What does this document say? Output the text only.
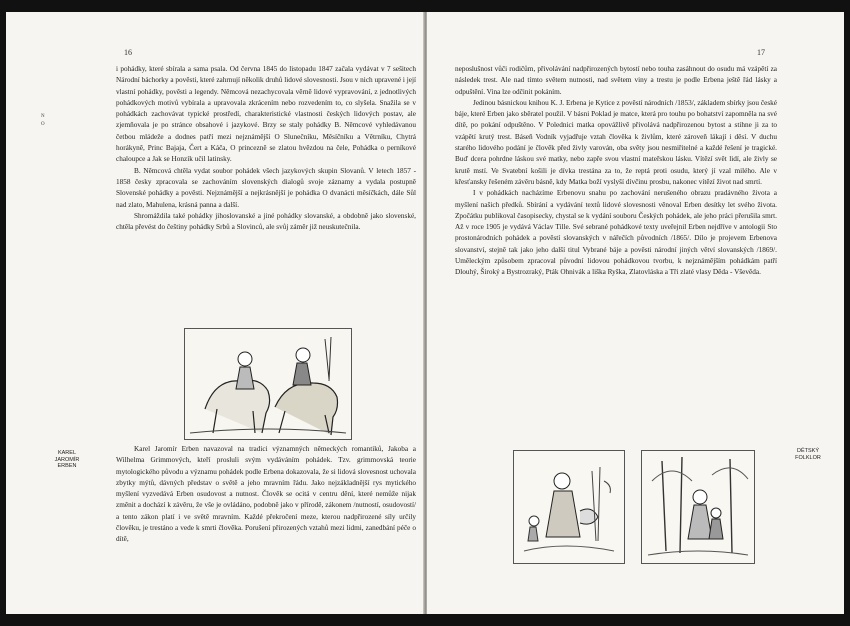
16
N
O

i pohádky, které sbírala a sama psala. Od června 1845 do listopadu 1847 začala vydávat v 7 sešitech Národní báchorky a pověsti, které zahrnují několik druhů lidové slovesnosti. Jsou v nich upravené i její vlastní pohádky, pověsti a legendy. Němcová nezachycovala věrně lidové vypravování, z jednotlivých pohádkových motivů vybírala a upravovala zkrácením nebo rozvedením to, co slyšela. Snažila se v pohádkách zachovávat typické prostředí, charakteristické vlastnosti českých lidových postav, ale zjemňovala je po stránce obsahové i jazykové. Brzy se staly pohádky B. Němcové vyhledávanou četbou mládeže a dodnes patří mezi nejznámější O Slunečníku, Měsíčníku a Větrníku, Chytrá horákyně, Princ Bajaja, Čert a Káča, O princezně se zlatou hvězdou na čele, Pohádka o perníkové chaloupce a Jak se Honzík učil latinsky.

B. Němcová chtěla vydat soubor pohádek všech jazykových skupin Slovanů. V letech 1857 - 1858 česky zpracovala se zachováním slovenských dialogů svoje záznamy a vydala postupně Slovenské pohádky a pověsti. Nejznámější a nejkrásnější je pohádka O dvanácti měsíčkách, dále Sůl nad zlato, Mahulena, krásná panna a další.

Shromáždila také pohádky jihoslovanské a jiné pohádky slovanské, a obdobně jako slovenské, chtěla převést do češtiny pohádky Srbů a Slovinců, ale svůj záměr již neuskutečnila.

KAREL
JAROMÍR
ERBEN

Karel Jaromír Erben navazoval na tradici významných německých romantiků, Jakoba a Wilhelma Grimmových, kteří prosluli svým vydáváním pohádek. Tzv. grimmovská teorie mytologického původu a významu pohádek podle Erbena dokazovala, že si lidová slovesnost uchovala zbytky mýtů, dávných představ o světě a jeho mravním řádu. Jako nejzákladnější rys mytického myšlení vyzvedává Erben osudovost a nutnost. Člověk se ocitá v centru dění, které nemůže nijak změnit a dochází k závěru, že vše je ovládáno, podobně jako v přírodě, zákonem /nutností, osudovostí/ a tento zákon platí i ve světě mravním. Každé překročení meze, kterou nadpřirozené síly určily člověku, je trestáno a vede k smrti člověka. Porušení přirozených vztahů mezi lidmi, zanedbání péče o dítě,

17

neposlušnost vůči rodičům, přivolávání nadpřirozených bytostí nebo touha zasáhnout do osudu má vzápětí za následek trest. Ale nad tímto světem nutnosti, nad světem viny a trestu je podle Erbena ještě řád lásky a odpuštění. Vina lze odčinit pokáním.

Jedinou básnickou knihou K. J. Erbena je Kytice z pověstí národních /1853/, základem sbírky jsou české báje, které Erben jako sběratel použil. V básni Poklad je matce, která pro touhu po bohatství zapomněla na své dítě, po pokání odpuštěno. V Polednici matka opovážlivě přivolává nadpřirozenou bytost a stihne ji za to vzápětí krutý trest. Báseň Vodník vyjadřuje vztah člověka k živlům, které zároveň lákají i děsí. V duchu starého lidového podání je člověk před živly varován, oba světy jsou nesmiřitelné a každé řešení je tragické. Buď dcera pohrdne láskou své matky, nebo zapře svou vlastní mateřskou lásku. Vítězí svět lidí, ale živly se krutě mstí. Ve Svatební košili je dívka trestána za to, že reptá proti osudu, který jí vzal milého. Ale v křesťansky řešeném závěru básně, kdy Matka boží vyslyší dívčinu prosbu, nakonec vítězí život nad smrtí.

I v pohádkách nacházíme Erbenovu snahu po zachování nerušeného obrazu pradávného života a myšlení našich předků. Sbírání a vydávání textů lidové slovesnosti věnoval Erben desítky let svého života. Zpočátku publikoval časopisecky, chystal se k vydání souboru Českých pohádek, ale jeho práci přerušila smrt. Až v roce 1905 je vydává Václav Tille. Své sebrané pohádkové texty uveřejnil Erben nejdříve v antologii Sto prostonárodních pohádek a pověstí slovanských v nářečích původních /1865/. Dílo je projevem Erbenova slovanství, stejně tak jako jeho další titul Vybrané báje a pověsti národní jiných větví slovanských /1869/. Uměleckým způsobem zpracoval původní lidovou pohádkovou tvorbu, k nejznámějším pohádkám patří Dlouhý, Široký a Bystrozraký, Pták Ohnivák a liška Ryška, Zlatovláska a Tři zlaté vlasy Děda - Vševěda.

DĚTSKÝ
FOLKLOR
